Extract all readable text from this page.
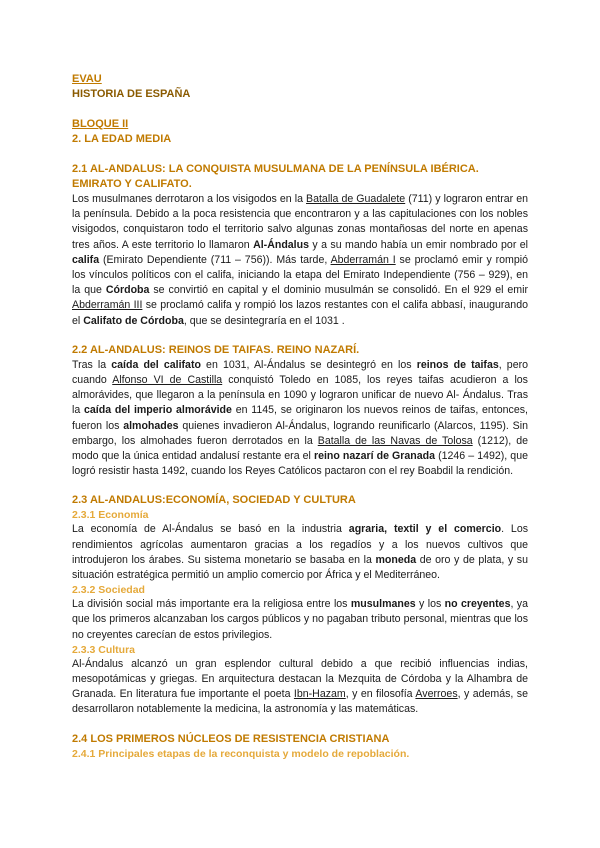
EVAU
HISTORIA DE ESPAÑA
BLOQUE II
2. LA EDAD MEDIA
2.1 AL-ANDALUS: LA CONQUISTA MUSULMANA DE LA PENÍNSULA IBÉRICA.
EMIRATO Y CALIFATO.

Los musulmanes derrotaron a los visigodos en la Batalla de Guadalete (711) y lograron entrar en la península. Debido a la poca resistencia que encontraron y a las capitulaciones con los nobles visigodos, conquistaron todo el territorio salvo algunas zonas montañosas del norte en apenas tres años. A este territorio lo llamaron Al-Ándalus y a su mando había un emir nombrado por el califa (Emirato Dependiente (711 – 756)). Más tarde, Abderramán I se proclamó emir y rompió los vínculos políticos con el califa, iniciando la etapa del Emirato Independiente (756 – 929), en la que Córdoba se convirtió en capital y el dominio musulmán se consolidó. En el 929 el emir Abderramán III se proclamó califa y rompió los lazos restantes con el califa abbasí, inaugurando el Califato de Córdoba, que se desintegraría en el 1031 .

2.2 AL-ANDALUS: REINOS DE TAIFAS. REINO NAZARÍ.

Tras la caída del califato en 1031, Al-Ándalus se desintegró en los reinos de taifas, pero cuando Alfonso VI de Castilla conquistó Toledo en 1085, los reyes taifas acudieron a los almorávides, que llegaron a la península en 1090 y lograron unificar de nuevo Al- Ándalus. Tras la caída del imperio almorávide en 1145, se originaron los nuevos reinos de taifas, entonces, fueron los almohades quienes invadieron Al-Ándalus, logrando reunificarlo (Alarcos, 1195). Sin embargo, los almohades fueron derrotados en la Batalla de las Navas de Tolosa (1212), de modo que la única entidad andalusí restante era el reino nazarí de Granada (1246 – 1492), que logró resistir hasta 1492, cuando los Reyes Católicos pactaron con el rey Boabdil la rendición.

2.3 AL-ANDALUS:ECONOMÍA, SOCIEDAD Y CULTURA
2.3.1 Economía

La economía de Al-Ándalus se basó en la industria agraria, textil y el comercio. Los rendimientos agrícolas aumentaron gracias a los regadíos y a los nuevos cultivos que introdujeron los árabes. Su sistema monetario se basaba en la moneda de oro y de plata, y su situación estratégica permitió un amplio comercio por África y el Mediterráneo.

2.3.2 Sociedad

La división social más importante era la religiosa entre los musulmanes y los no creyentes, ya que los primeros alcanzaban los cargos públicos y no pagaban tributo personal, mientras que los no creyentes carecían de estos privilegios.

2.3.3 Cultura

Al-Ándalus alcanzó un gran esplendor cultural debido a que recibió influencias indias, mesopotámicas y griegas. En arquitectura destacan la Mezquita de Córdoba y la Alhambra de Granada. En literatura fue importante el poeta Ibn-Hazam, y en filosofía Averroes, y además, se desarrollaron notablemente la medicina, la astronomía y las matemáticas.

2.4 LOS PRIMEROS NÚCLEOS DE RESISTENCIA CRISTIANA
2.4.1 Principales etapas de la reconquista y modelo de repoblación.
